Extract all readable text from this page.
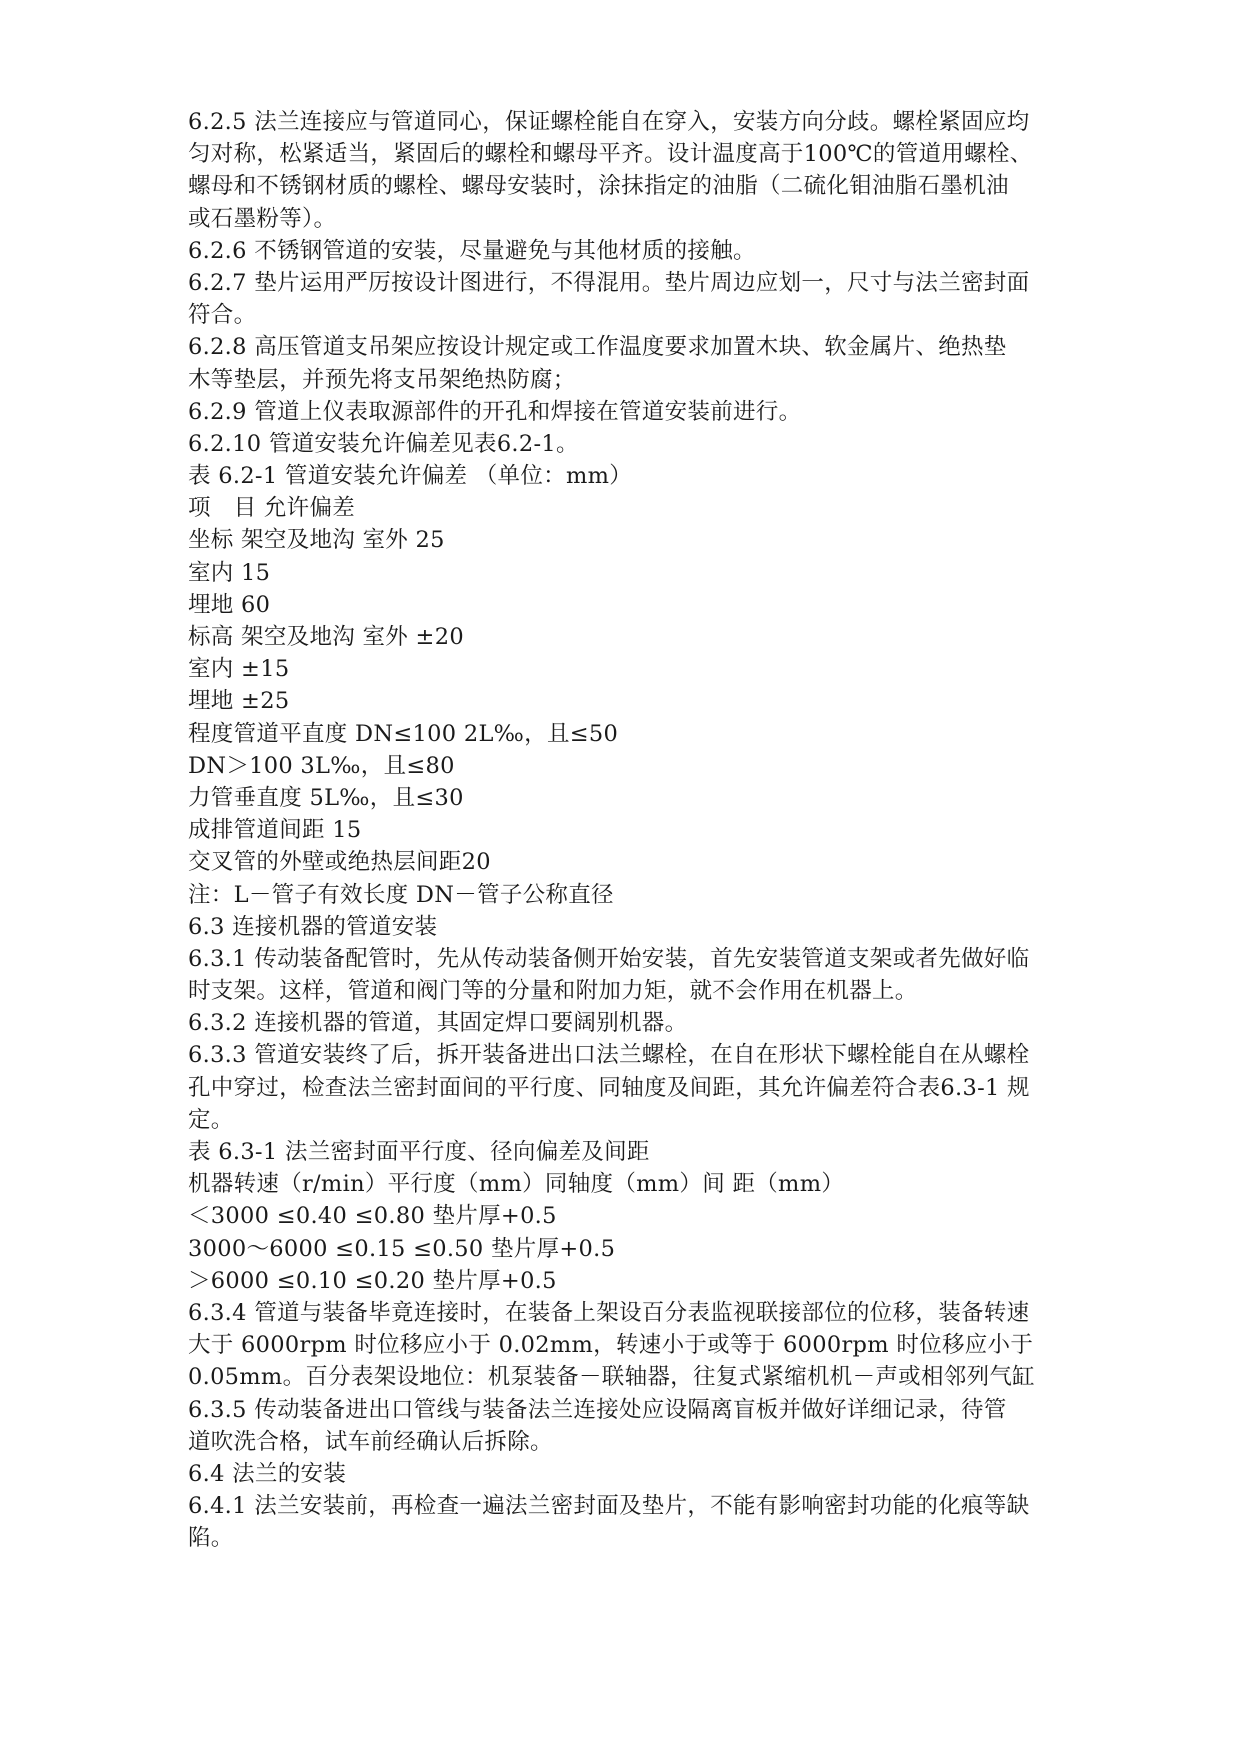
6.2.5 法兰连接应与管道同心，保证螺栓能自在穿入，安装方向分歧。螺栓紧固应均
匀对称，松紧适当，紧固后的螺栓和螺母平齐。设计温度高于100℃的管道用螺栓、
螺母和不锈钢材质的螺栓、螺母安装时，涂抹指定的油脂（二硫化钼油脂石墨机油
或石墨粉等）。
6.2.6 不锈钢管道的安装，尽量避免与其他材质的接触。
6.2.7 垫片运用严厉按设计图进行，不得混用。垫片周边应划一，尺寸与法兰密封面
符合。
6.2.8 高压管道支吊架应按设计规定或工作温度要求加置木块、软金属片、绝热垫
木等垫层，并预先将支吊架绝热防腐；
6.2.9 管道上仪表取源部件的开孔和焊接在管道安装前进行。
6.2.10 管道安装允许偏差见表6.2-1。
表 6.2-1 管道安装允许偏差 （单位：mm）
项　目 允许偏差
坐标 架空及地沟 室外 25
室内 15
埋地 60
标高 架空及地沟 室外 ±20
室内 ±15
埋地 ±25
程度管道平直度 DN≤100 2L‰，且≤50
DN＞100 3L‰，且≤80
力管垂直度 5L‰，且≤30
成排管道间距 15
交叉管的外壁或绝热层间距20
注：L－管子有效长度 DN－管子公称直径
6.3 连接机器的管道安装
6.3.1 传动装备配管时，先从传动装备侧开始安装，首先安装管道支架或者先做好临
时支架。这样，管道和阀门等的分量和附加力矩，就不会作用在机器上。
6.3.2 连接机器的管道，其固定焊口要阔别机器。
6.3.3 管道安装终了后，拆开装备进出口法兰螺栓，在自在形状下螺栓能自在从螺栓
孔中穿过，检查法兰密封面间的平行度、同轴度及间距，其允许偏差符合表6.3-1 规
定。
表 6.3-1 法兰密封面平行度、径向偏差及间距
机器转速（r/min）平行度（mm）同轴度（mm）间 距（mm）
＜3000 ≤0.40 ≤0.80 垫片厚+0.5
3000～6000 ≤0.15 ≤0.50 垫片厚+0.5
＞6000 ≤0.10 ≤0.20 垫片厚+0.5
6.3.4 管道与装备毕竟连接时，在装备上架设百分表监视联接部位的位移，装备转速
大于 6000rpm 时位移应小于 0.02mm，转速小于或等于 6000rpm 时位移应小于
0.05mm。百分表架设地位：机泵装备－联轴器，往复式紧缩机机－声或相邻列气缸
6.3.5 传动装备进出口管线与装备法兰连接处应设隔离盲板并做好详细记录，待管
道吹洗合格，试车前经确认后拆除。
6.4 法兰的安装
6.4.1 法兰安装前，再检查一遍法兰密封面及垫片，不能有影响密封功能的化痕等缺
陷。
